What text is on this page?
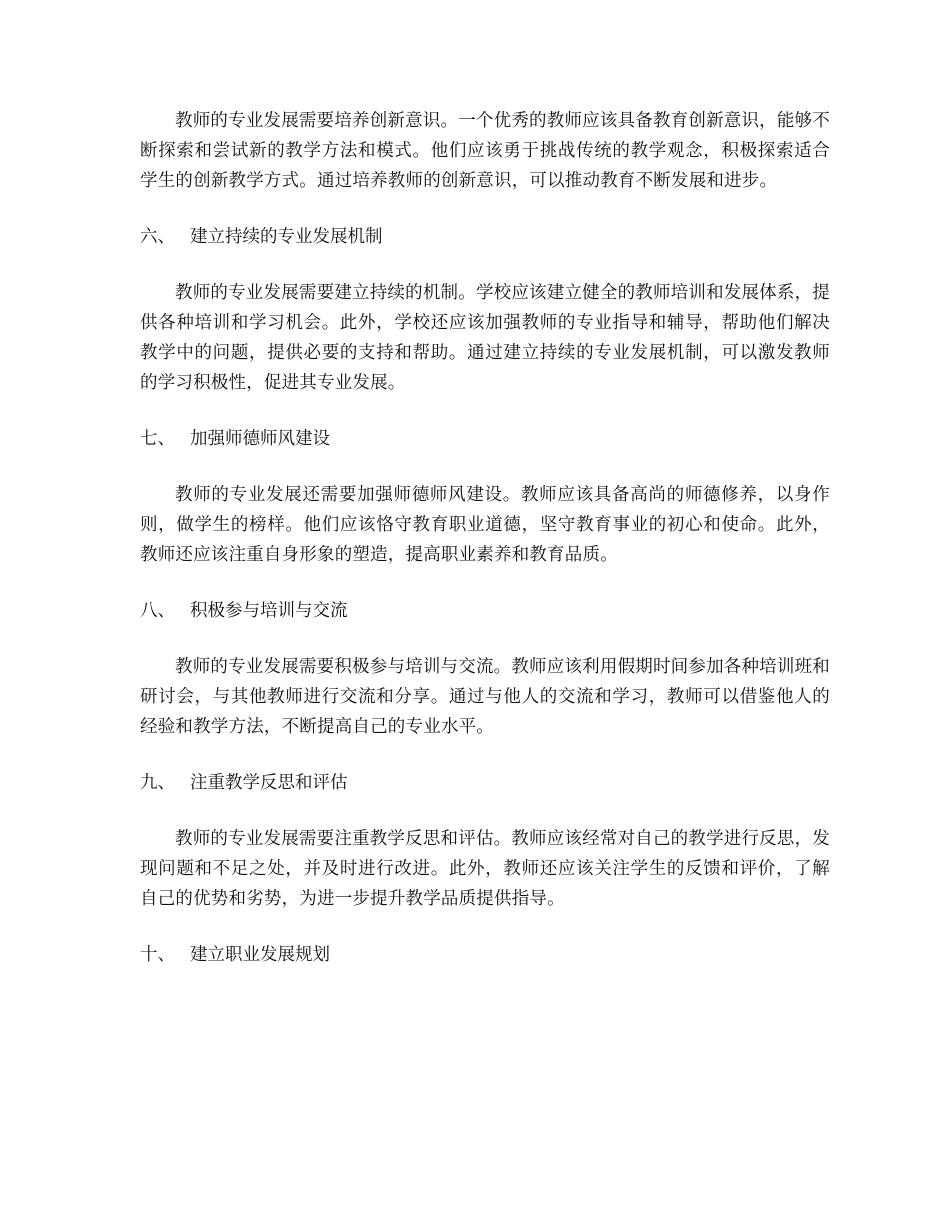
教师的专业发展需要培养创新意识。一个优秀的教师应该具备教育创新意识，能够不断探索和尝试新的教学方法和模式。他们应该勇于挑战传统的教学观念，积极探索适合学生的创新教学方式。通过培养教师的创新意识，可以推动教育不断发展和进步。

六、 建立持续的专业发展机制

教师的专业发展需要建立持续的机制。学校应该建立健全的教师培训和发展体系，提供各种培训和学习机会。此外，学校还应该加强教师的专业指导和辅导，帮助他们解决教学中的问题，提供必要的支持和帮助。通过建立持续的专业发展机制，可以激发教师的学习积极性，促进其专业发展。

七、 加强师德师风建设

教师的专业发展还需要加强师德师风建设。教师应该具备高尚的师德修养，以身作则，做学生的榜样。他们应该恪守教育职业道德，坚守教育事业的初心和使命。此外，教师还应该注重自身形象的塑造，提高职业素养和教育品质。

八、 积极参与培训与交流

教师的专业发展需要积极参与培训与交流。教师应该利用假期时间参加各种培训班和研讨会，与其他教师进行交流和分享。通过与他人的交流和学习，教师可以借鉴他人的经验和教学方法，不断提高自己的专业水平。

九、 注重教学反思和评估

教师的专业发展需要注重教学反思和评估。教师应该经常对自己的教学进行反思，发现问题和不足之处，并及时进行改进。此外，教师还应该关注学生的反馈和评价，了解自己的优势和劣势，为进一步提升教学品质提供指导。

十、 建立职业发展规划
